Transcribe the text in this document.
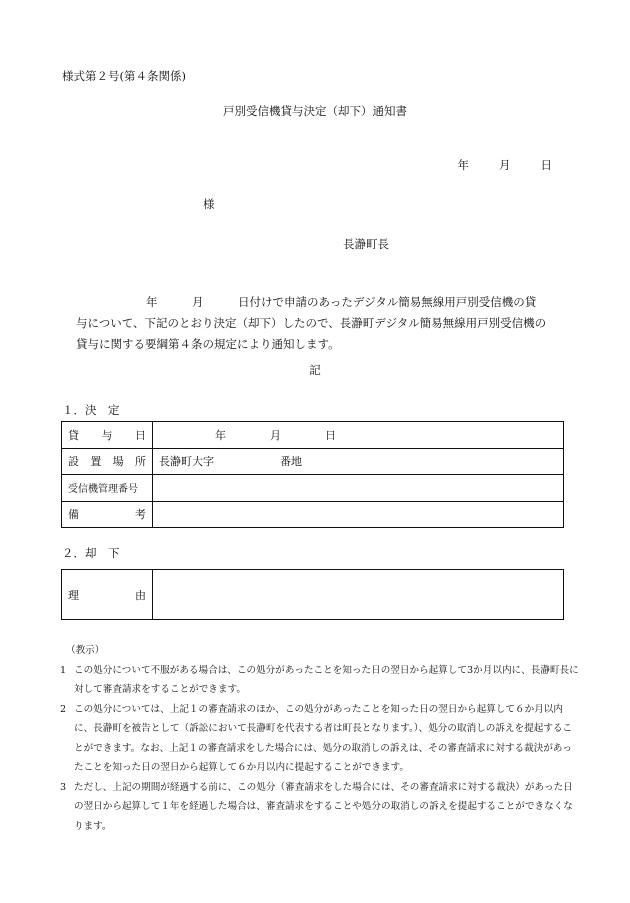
様式第２号(第４条関係)
戸別受信機貸与決定（却下）通知書
年	月	日
様
長瀞町長
年　　　月　　　日付けで申請のあったデジタル簡易無線用戸別受信機の貸
与について、下記のとおり決定（却下）したので、長瀞町デジタル簡易無線用戸別受信機の
貸与に関する要綱第４条の規定により通知します。
記
１．決　定
貸 与 日	年　　　　月　　　　日

設 置 場 所	長瀞町大字　　　　　　番地
受信機管理番号	

備 考	

２．却　下
理	由

（教示）
1 この処分について不服がある場合は、この処分があったことを知った日の翌日から起算して3か月以内に、長瀞町長に対して審査請求をすることができます。
2 この処分については、上記１の審査請求のほか、この処分があったことを知った日の翌日から起算して６か月以内に、長瀞町を被告として（訴訟において長瀞町を代表する者は町長となります。）、処分の取消しの訴えを提起することができます。なお、上記１の審査請求をした場合には、処分の取消しの訴えは、その審査請求に対する裁決があったことを知った日の翌日から起算して６か月以内に提起することができます。
3 ただし、上記の期間が経過する前に、この処分（審査請求をした場合には、その審査請求に対する裁決）があった日の翌日から起算して１年を経過した場合は、審査請求をすることや処分の取消しの訴えを提起することができなくなります。
